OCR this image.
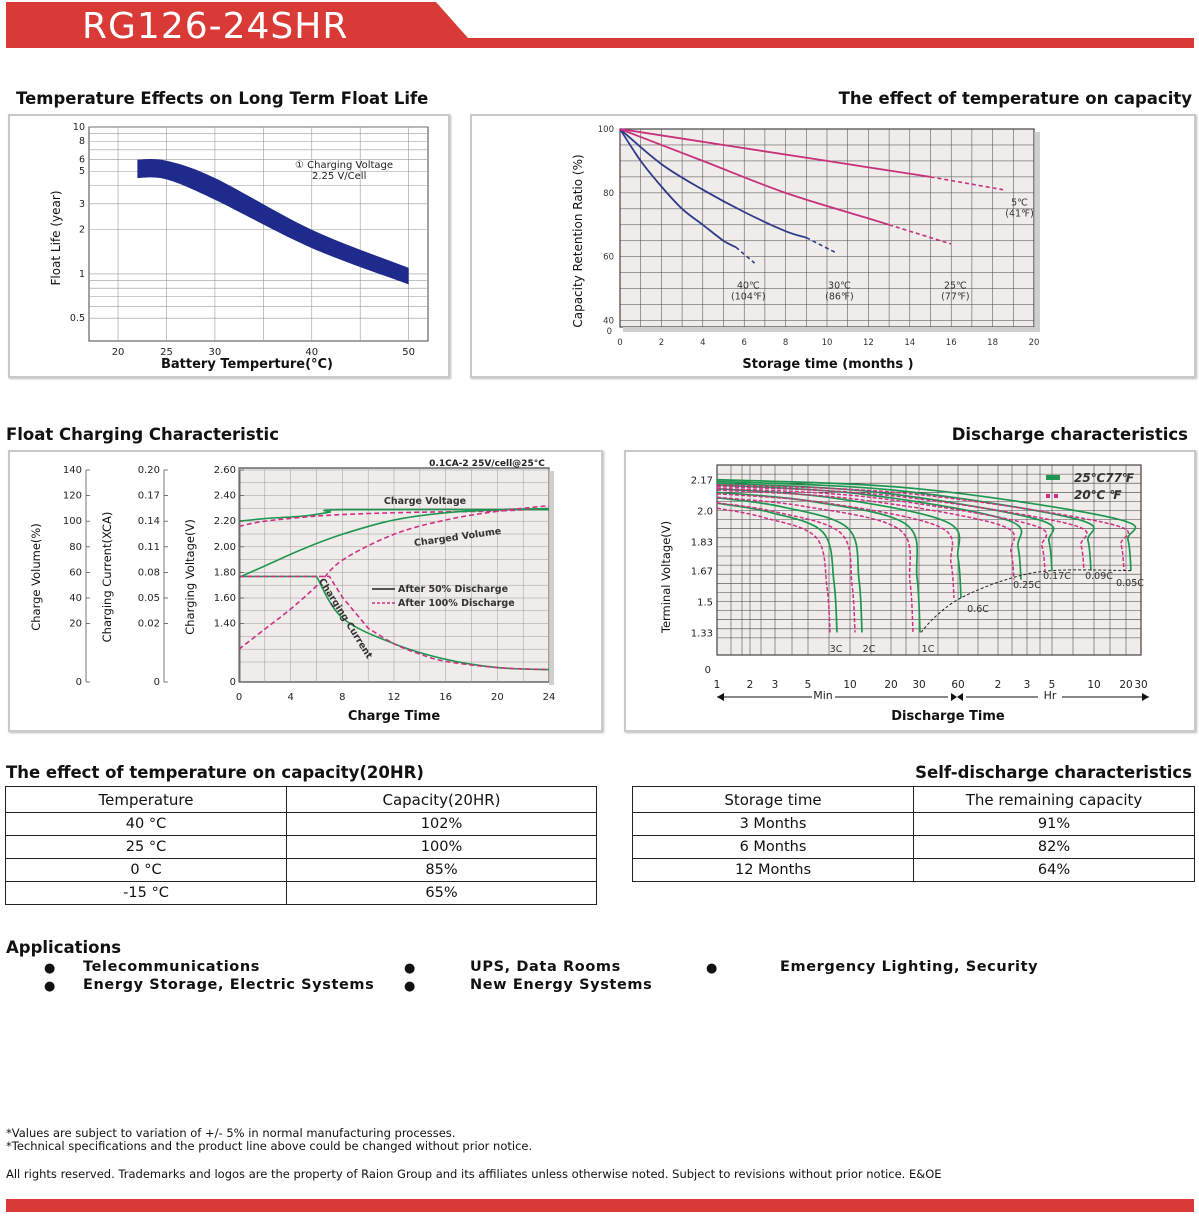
RG126-24SHR
Temperature Effects on Long Term Float Life	The effect of temperature on capacity
Float Charging Characteristic	Discharge characteristics
10
8
6
5
3
2
1
0.5
20	25	30	40	50
① Charging Voltage
2.25 V/Cell
Float Life (year)
Battery Temperture(°C)
40℃
(104℉)
30℃
(86℉)
25℃
(77℉)
5℃
(41℉)
100
80
60
40
0
0	2	4	6	8	10	12	14	16	18	20
Capacity Retention Ratio (%)
Storage time (months )
140
120
100
80
60
40
20
0
0.20
0.17
0.14
0.11
0.08
0.05
0.02
0
2.60
2.40
2.20
2.00
1.80
1.60
1.40
0
0	4	8	12	16	20	24
0.1CA-2 25V/cell@25°C
Charge Voltage
Charged Volume
Charging Current After 50% Discharge
After 100% Discharge
Charge Volume(%)	Charging Current(XCA)	Charging Voltage(V)
Charge Time
2.17
2.0
1.83
1.67
1.5
1.33
0
1	2 3	5	10	20 30 60	2 3 5	10 20 30
3C 2C	1C
0.6C
0.25C
0.17C 0.09C
0.05C
25℃77℉
20℃ ℉
Terminal Voltage(V)
Min	Hr
Discharge Time
The effect of temperature on capacity(20HR)	Self-discharge characteristics
Temperature	Capacity(20HR)
40 °C	102%
25 °C	100%
0 °C	85%
-15 °C	65%
Storage time	The remaining capacity
3 Months	91%
6 Months	82%
12 Months	64%
Applications
● Telecommunications
● Energy Storage, Electric Systems
●	UPS, Data Rooms
●	New Energy Systems
●	Emergency Lighting, Security
*Values are subject to variation of +/- 5% in normal manufacturing processes.
*Technical specifications and the product line above could be changed without prior notice.
All rights reserved. Trademarks and logos are the property of Raion Group and its affiliates unless otherwise noted. Subject to revisions without prior notice. E&OE
